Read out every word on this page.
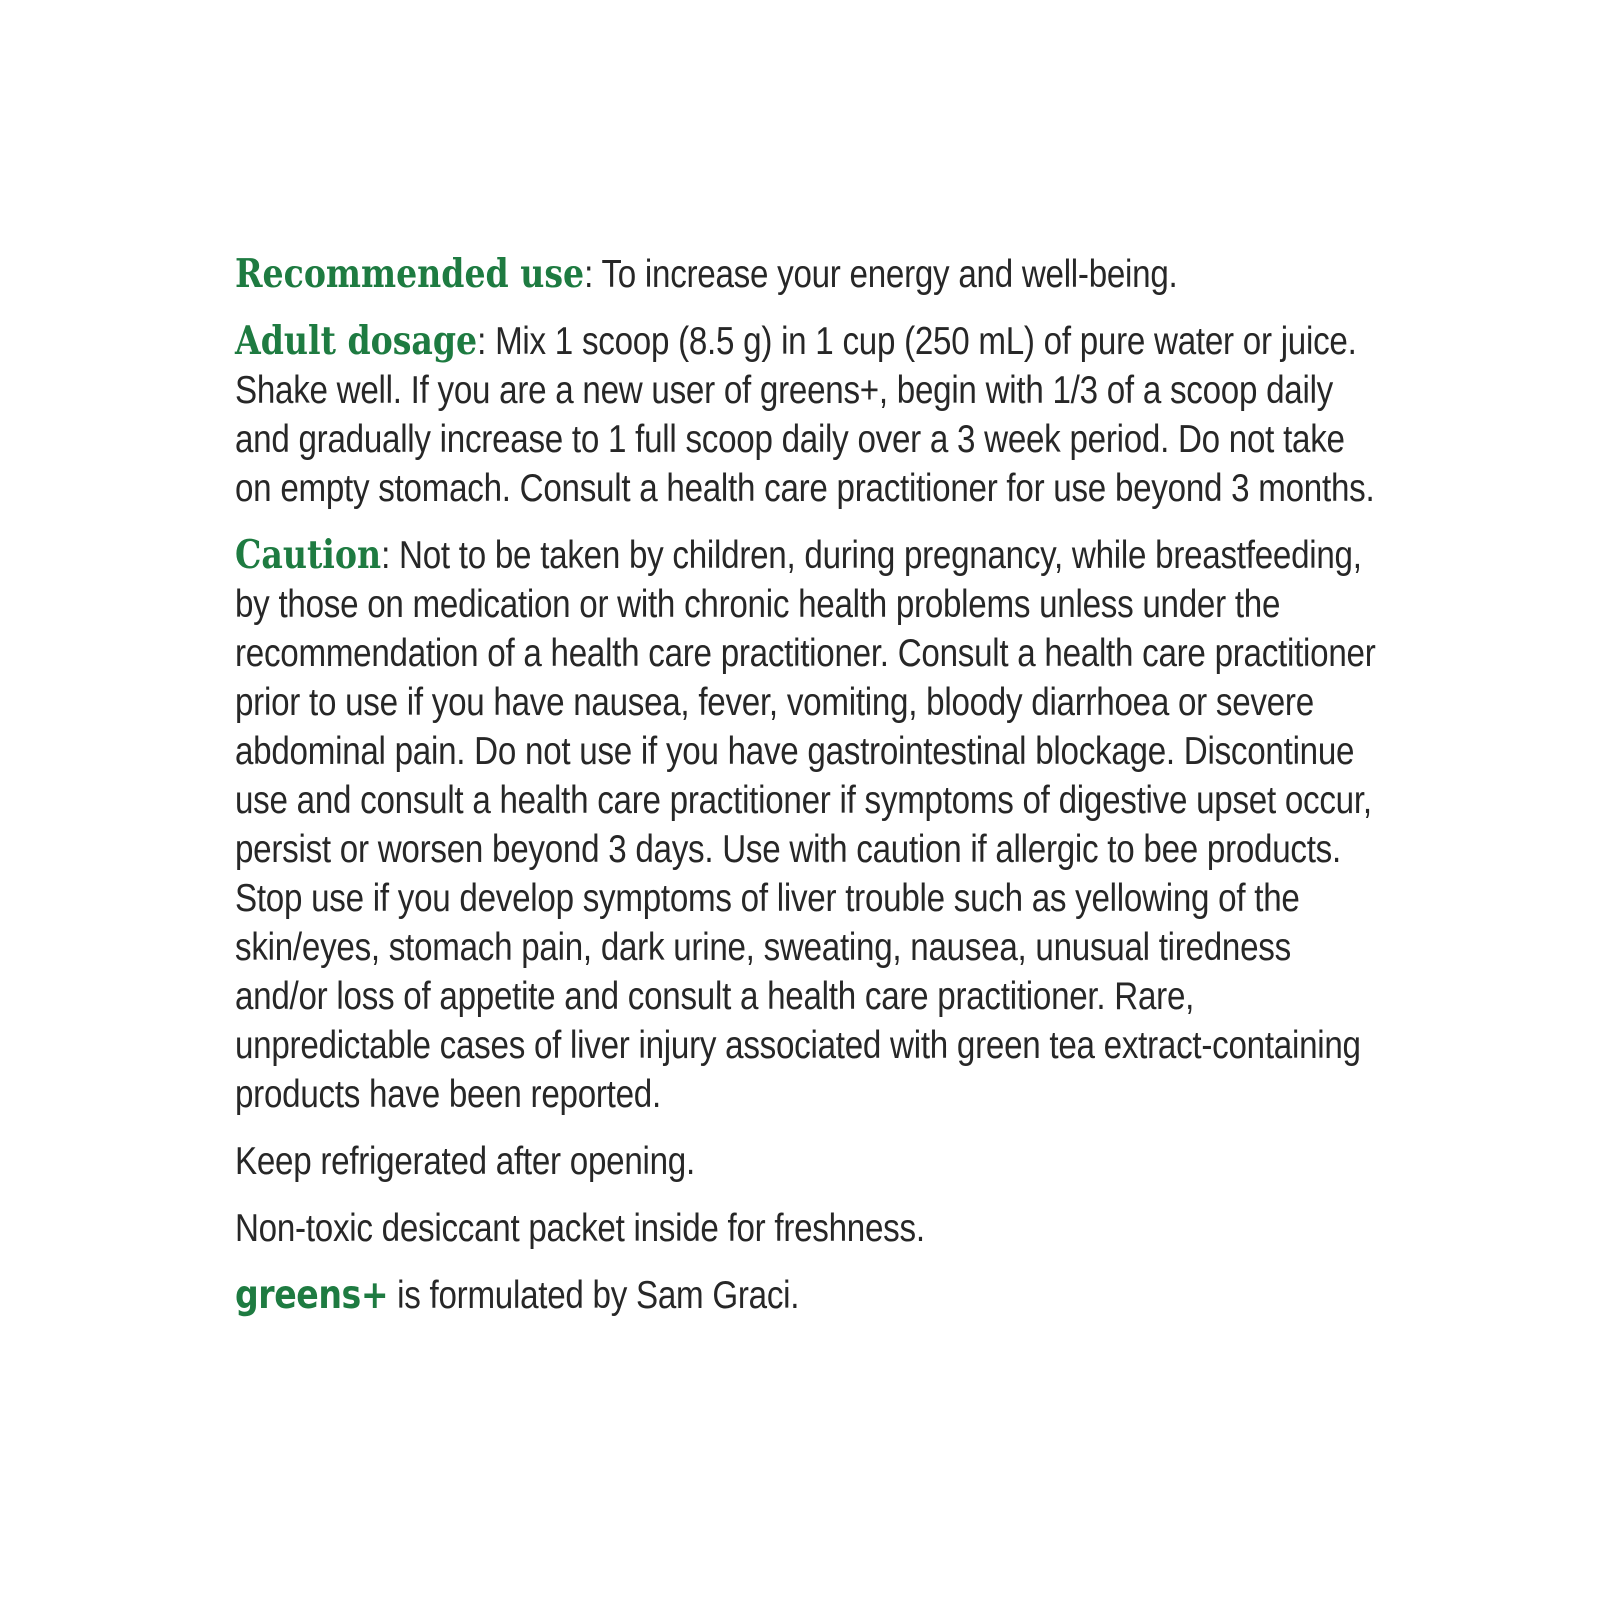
Recommended use: To increase your energy and well-being.

Adult dosage: Mix 1 scoop (8.5 g) in 1 cup (250 mL) of pure water or juice. Shake well. If you are a new user of greens+, begin with 1/3 of a scoop daily and gradually increase to 1 full scoop daily over a 3 week period. Do not take on empty stomach. Consult a health care practitioner for use beyond 3 months.

Caution: Not to be taken by children, during pregnancy, while breastfeeding, by those on medication or with chronic health problems unless under the recommendation of a health care practitioner. Consult a health care practitioner prior to use if you have nausea, fever, vomiting, bloody diarrhoea or severe abdominal pain. Do not use if you have gastrointestinal blockage. Discontinue use and consult a health care practitioner if symptoms of digestive upset occur, persist or worsen beyond 3 days. Use with caution if allergic to bee products. Stop use if you develop symptoms of liver trouble such as yellowing of the skin/eyes, stomach pain, dark urine, sweating, nausea, unusual tiredness and/or loss of appetite and consult a health care practitioner. Rare, unpredictable cases of liver injury associated with green tea extract-containing products have been reported.

Keep refrigerated after opening.

Non-toxic desiccant packet inside for freshness.

greens+ is formulated by Sam Graci.
